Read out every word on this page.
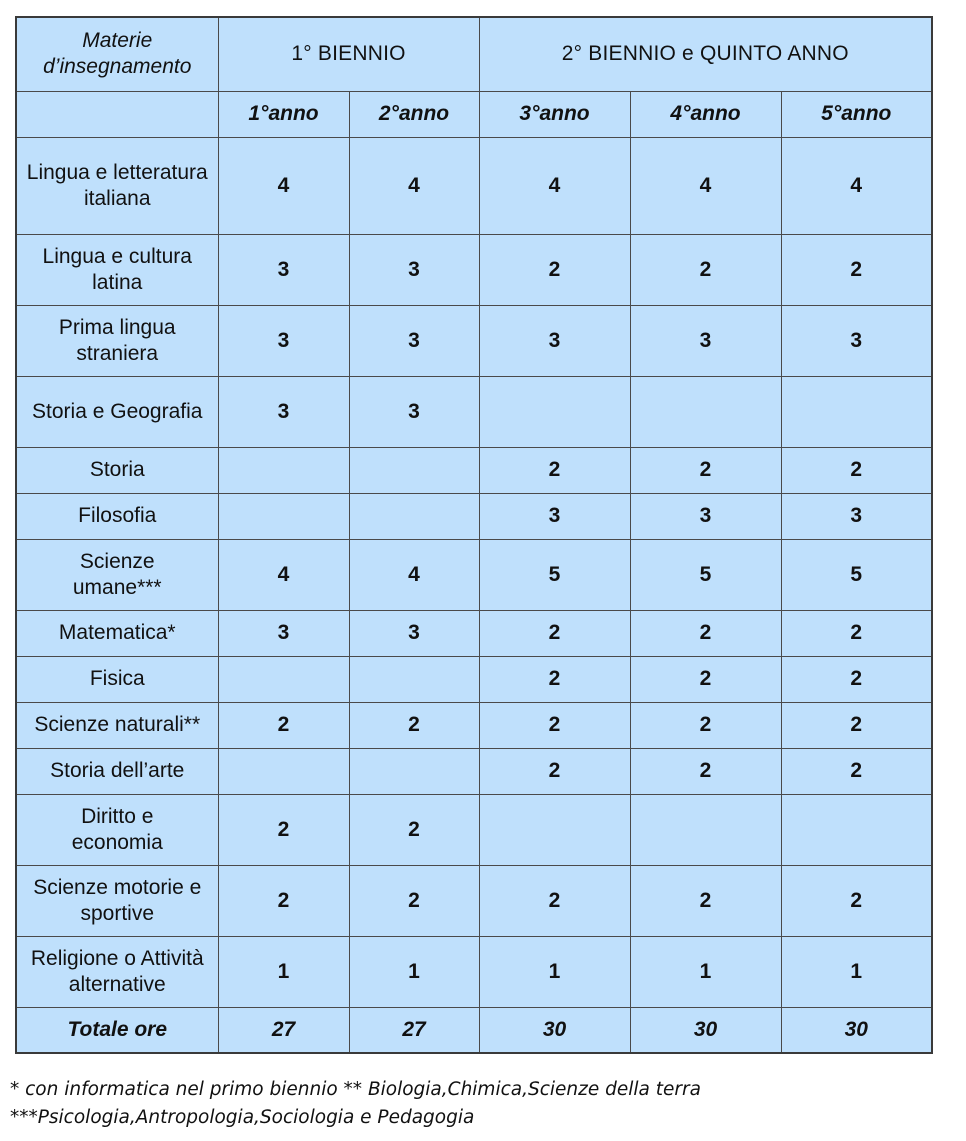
Materie d’insegnamento	1° BIENNIO		2° BIENNIO e QUINTO ANNO		
	1°anno	2°anno	3°anno	4°anno	5°anno
Lingua e letteratura italiana	4	4	4	4	4
Lingua e cultura latina	3	3	2	2	2
Prima lingua straniera	3	3	3	3	3
Storia e Geografia	3	3			
Storia			2	2	2
Filosofia			3	3	3

Scienze umane***	4	4	5	5	5
Matematica*	3	3	2	2	2
Fisica			2	2	2
Scienze naturali**	2	2	2	2	2
Storia dell’arte			2	2	2

Diritto e economia	2	2			
Scienze motorie e sportive	2	2	2	2	2

Religione o Attività alternative	1	1	1	1	1
Totale ore	27	27	30	30	30
* con informatica nel primo biennio ** Biologia,Chimica,Scienze della terra
***Psicologia,Antropologia,Sociologia e Pedagogia
